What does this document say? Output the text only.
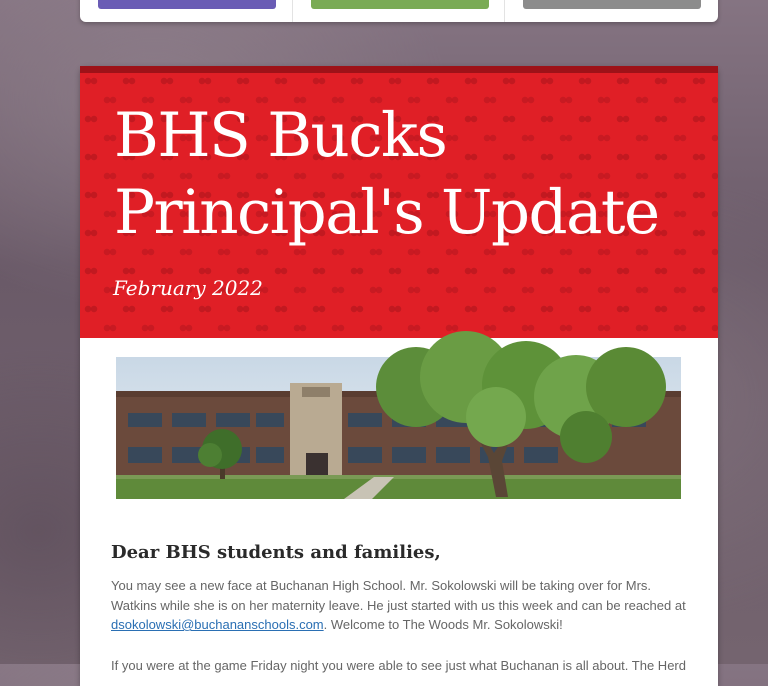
BHS Bucks
Principal's Update
February 2022
Dear BHS students and families,
You may see a new face at Buchanan High School. Mr. Sokolowski will be taking over for Mrs. Watkins while she is on her maternity leave. He just started with us this week and can be reached at dsokolowski@buchananschools.com. Welcome to The Woods Mr. Sokolowski!
If you were at the game Friday night you were able to see just what Buchanan is all about. The Herd
